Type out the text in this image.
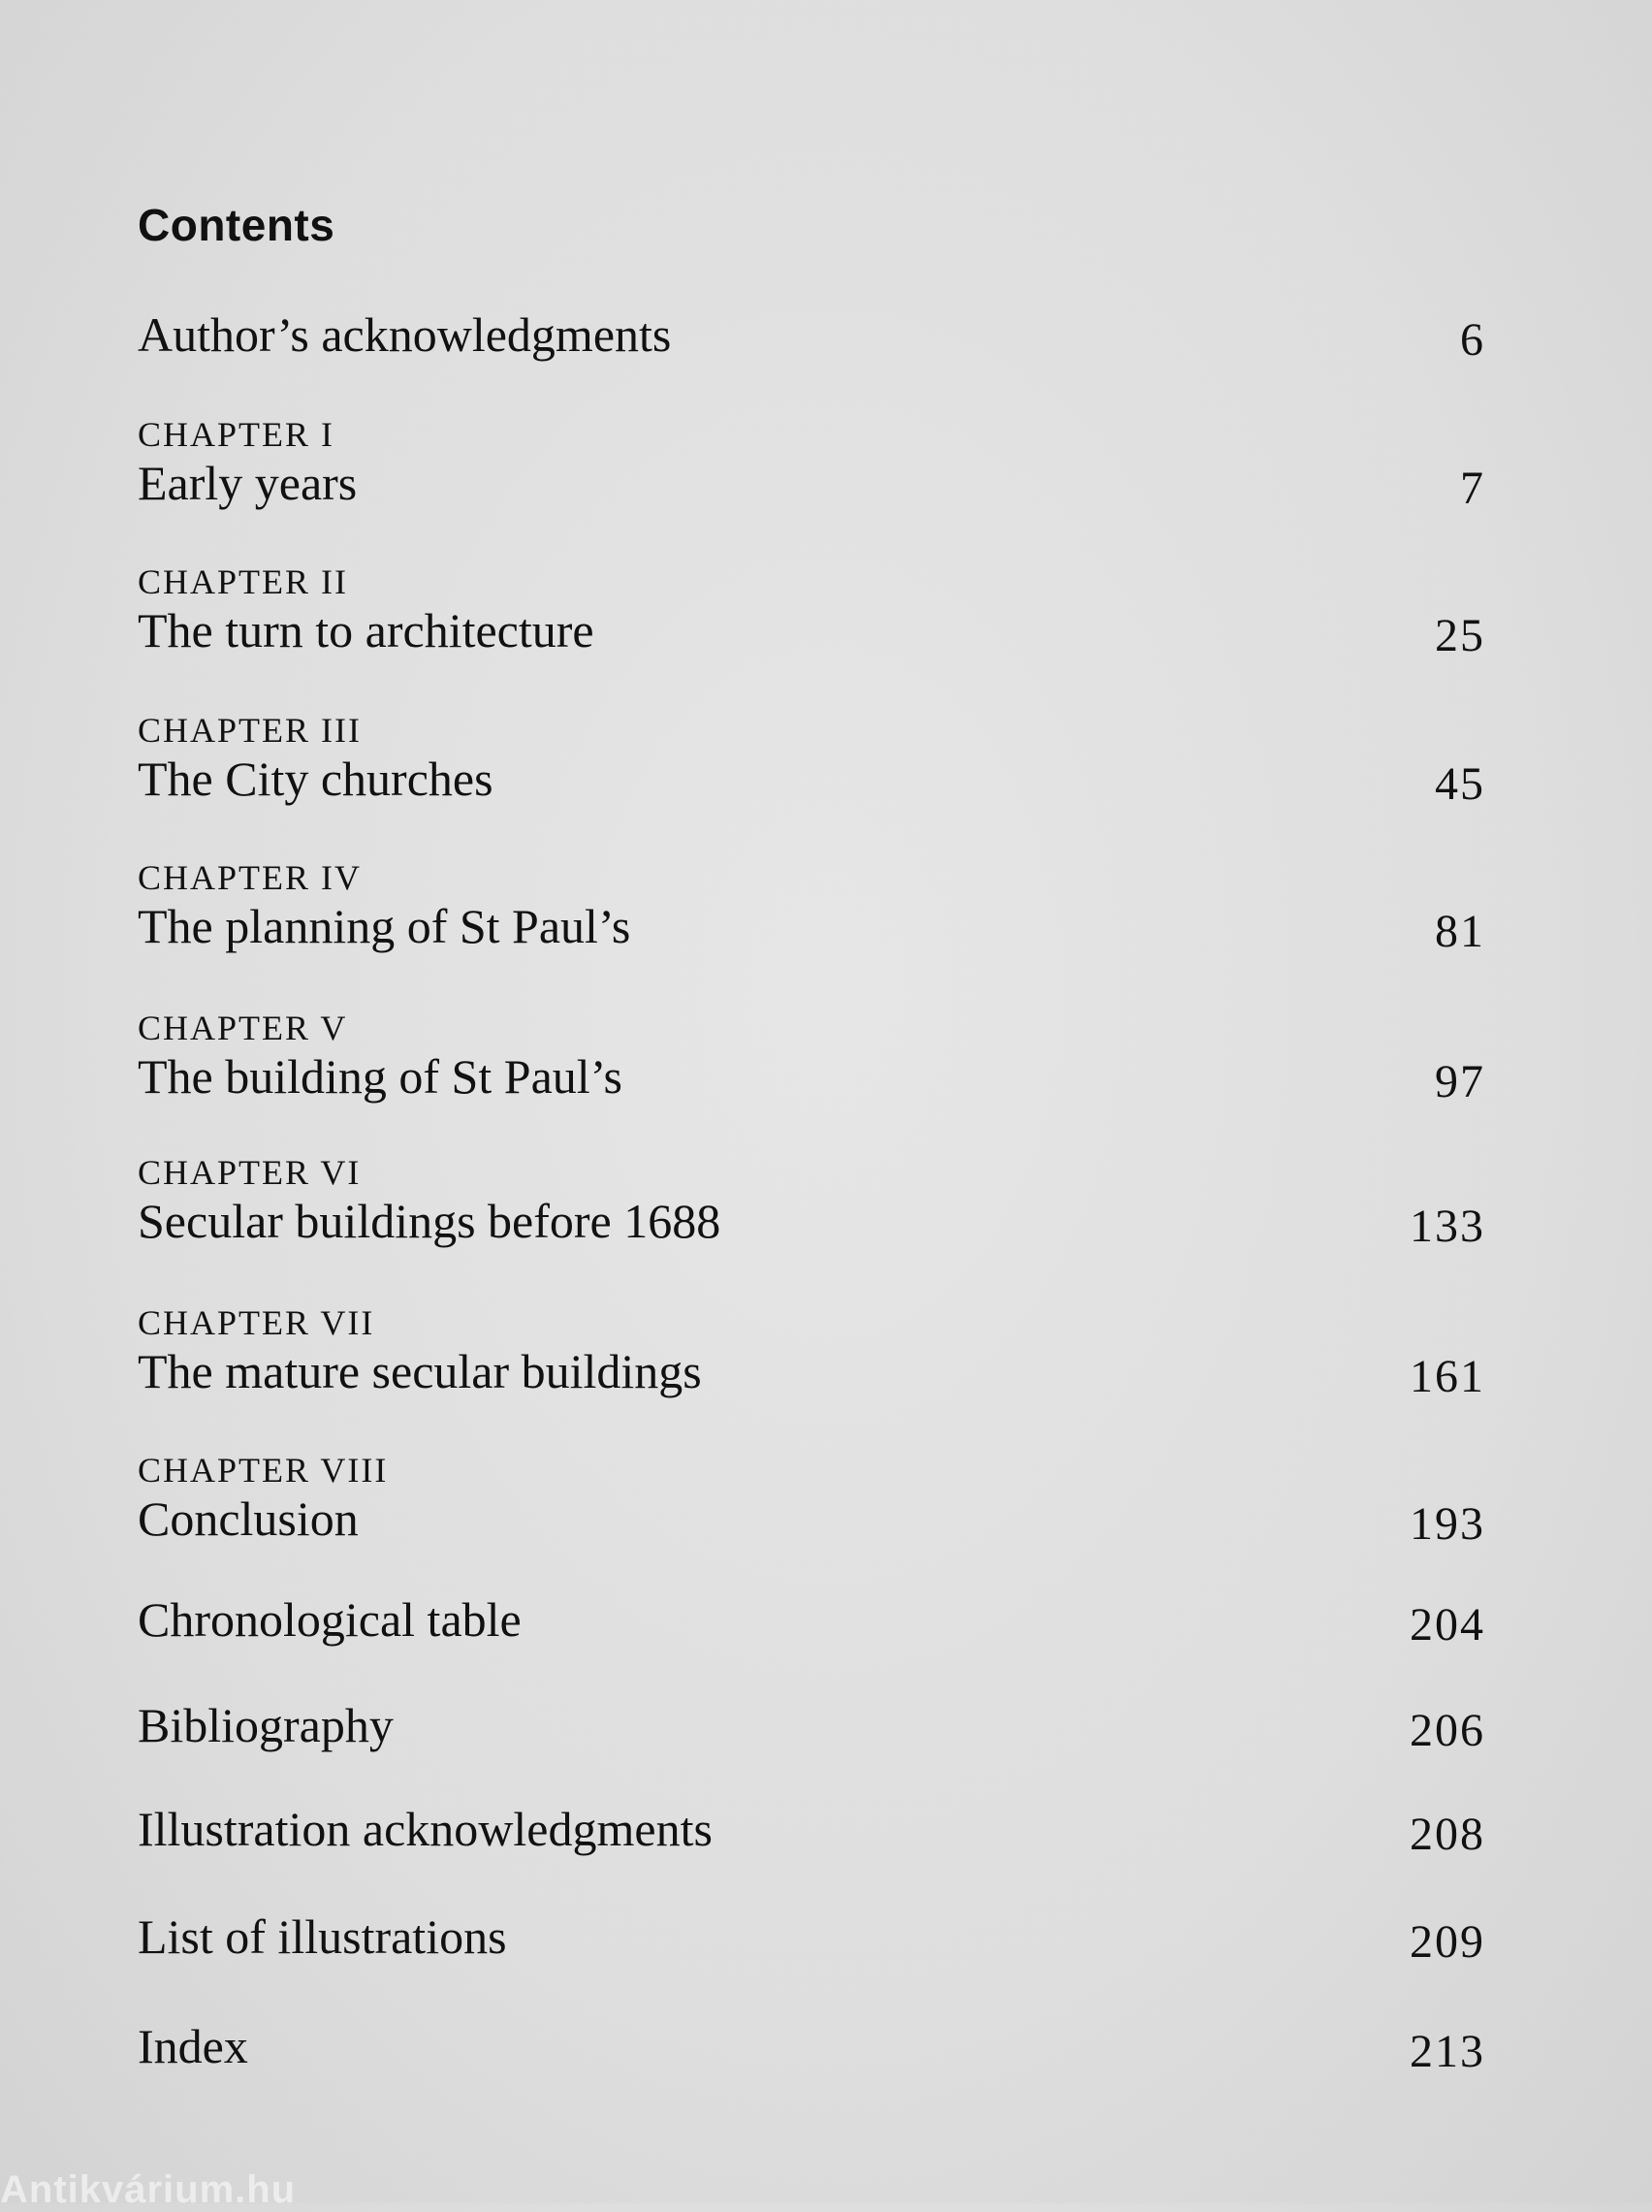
Contents
Author’s acknowledgments	6
CHAPTER I
Early years	7
CHAPTER II
The turn to architecture	25
CHAPTER III
The City churches	45
CHAPTER IV
The planning of St Paul’s	81
CHAPTER V
The building of St Paul’s	97
CHAPTER VI
Secular buildings before 1688	133
CHAPTER VII
The mature secular buildings	161
CHAPTER VIII
Conclusion	193
Chronological table	204
Bibliography	206
Illustration acknowledgments	208
List of illustrations	209
Index	213
Antikvárium.hu
